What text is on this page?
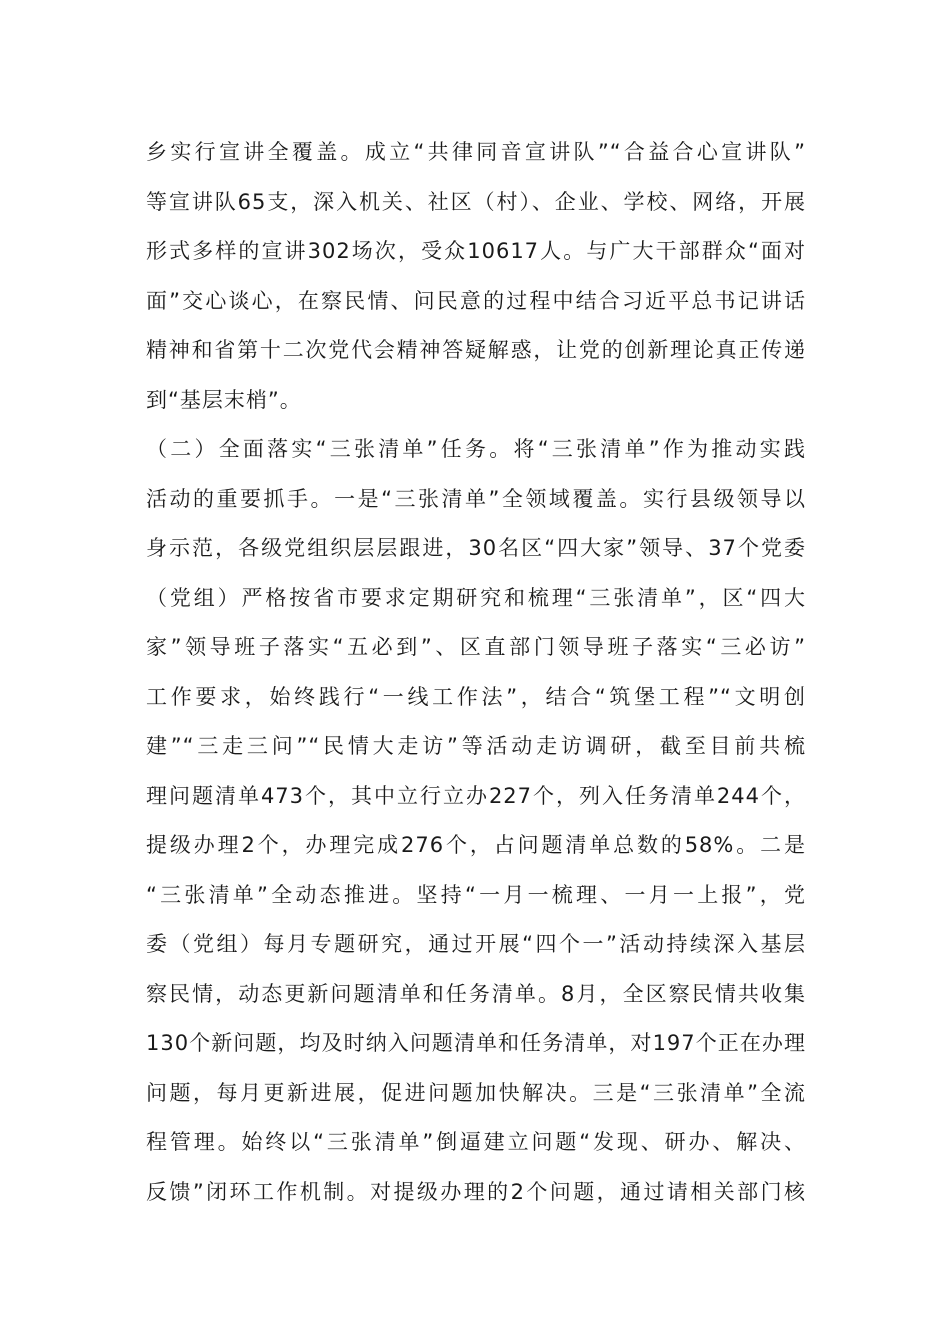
乡实行宣讲全覆盖。成立“共律同音宣讲队”“合益合心宣讲队”
等宣讲队65支，深入机关、社区（村）、企业、学校、网络，开展
形式多样的宣讲302场次，受众10617人。与广大干部群众“面对
面”交心谈心，在察民情、问民意的过程中结合习近平总书记讲话
精神和省第十二次党代会精神答疑解惑，让党的创新理论真正传递
到“基层末梢”。
（二）全面落实“三张清单”任务。将“三张清单”作为推动实践
活动的重要抓手。一是“三张清单”全领域覆盖。实行县级领导以
身示范，各级党组织层层跟进，30名区“四大家”领导、37个党委
（党组）严格按省市要求定期研究和梳理“三张清单”，区“四大
家”领导班子落实“五必到”、区直部门领导班子落实“三必访”
工作要求，始终践行“一线工作法”，结合“筑堡工程”“文明创
建”“三走三问”“民情大走访”等活动走访调研，截至目前共梳
理问题清单473个，其中立行立办227个，列入任务清单244个，
提级办理2个，办理完成276个，占问题清单总数的58%。二是
“三张清单”全动态推进。坚持“一月一梳理、一月一上报”，党
委（党组）每月专题研究，通过开展“四个一”活动持续深入基层
察民情，动态更新问题清单和任务清单。8月，全区察民情共收集
130个新问题，均及时纳入问题清单和任务清单，对197个正在办理
问题，每月更新进展，促进问题加快解决。三是“三张清单”全流
程管理。始终以“三张清单”倒逼建立问题“发现、研办、解决、
反馈”闭环工作机制。对提级办理的2个问题，通过请相关部门核
